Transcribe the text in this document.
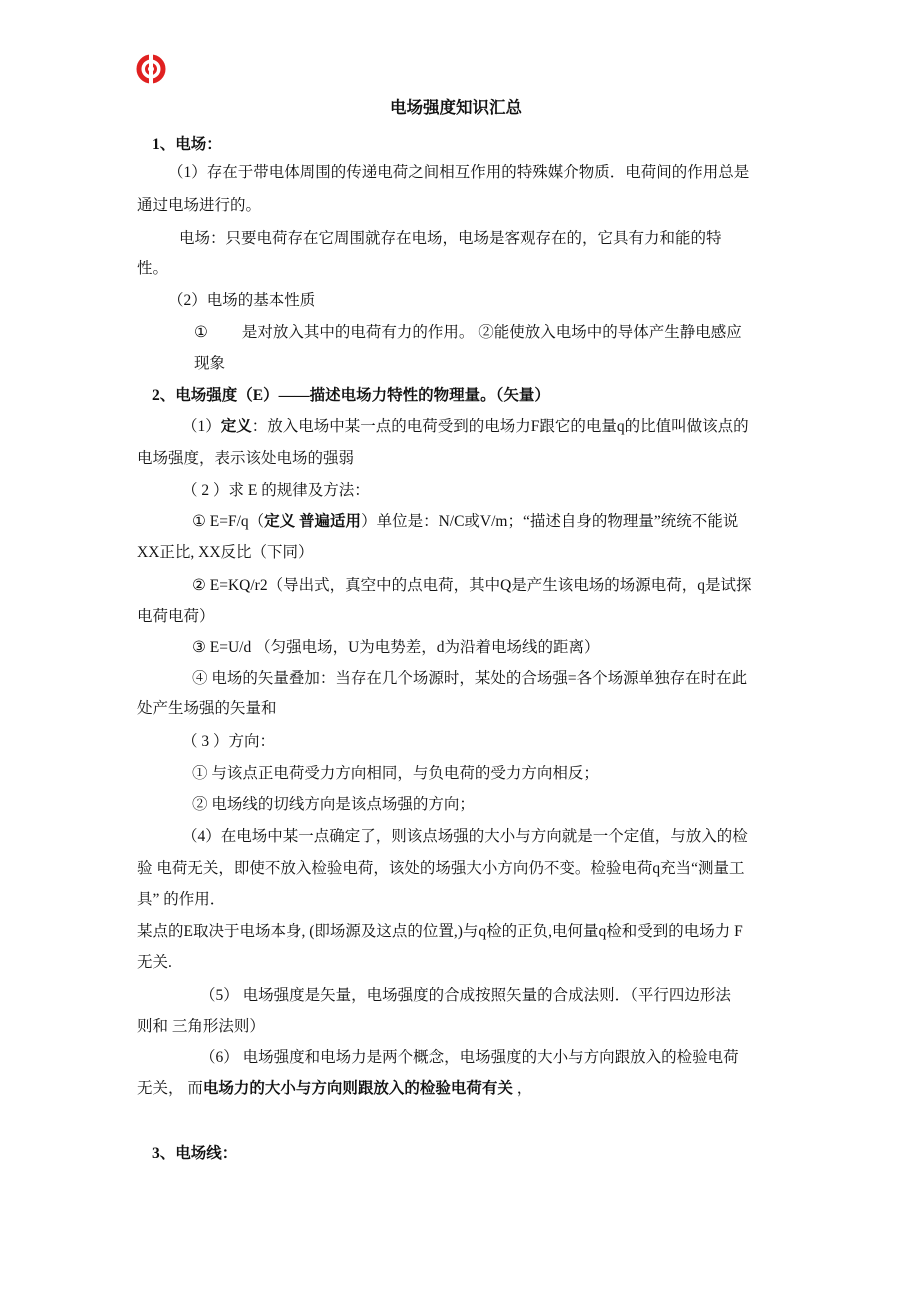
电场强度知识汇总
1、电场：
（1）存在于带电体周围的传递电荷之间相互作用的特殊媒介物质．电荷间的作用总是
通过电场进行的。
电场：只要电荷存在它周围就存在电场，电场是客观存在的，它具有力和能的特
性。
（2）电场的基本性质
① 是对放入其中的电荷有力的作用。 ②能使放入电场中的导体产生静电感应
现象
2、电场强度（E）——描述电场力特性的物理量。（矢量）
（1）定义：放入电场中某一点的电荷受到的电场力F跟它的电量q的比值叫做该点的
电场强度，表示该处电场的强弱
（ 2 ）求 E 的规律及方法：
① E=F/q（定义 普遍适用）单位是：N/C或V/m；“描述自身的物理量”统统不能说
XX正比, XX反比（下同）
② E=KQ/r2（导出式，真空中的点电荷，其中Q是产生该电场的场源电荷，q是试探
电荷电荷）
③ E=U/d （匀强电场，U为电势差，d为沿着电场线的距离）
④ 电场的矢量叠加：当存在几个场源时，某处的合场强=各个场源单独存在时在此
处产生场强的矢量和
（ 3 ）方向：
① 与该点正电荷受力方向相同，与负电荷的受力方向相反；
② 电场线的切线方向是该点场强的方向；
（4）在电场中某一点确定了，则该点场强的大小与方向就是一个定值，与放入的检
验 电荷无关，即使不放入检验电荷，该处的场强大小方向仍不变。检验电荷q充当“测量工
具” 的作用．
某点的E取决于电场本身, (即场源及这点的位置,)与q检的正负,电何量q检和受到的电场力 F
无关.
（5） 电场强度是矢量，电场强度的合成按照矢量的合成法则．（平行四边形法
则和 三角形法则）
（6） 电场强度和电场力是两个概念，电场强度的大小与方向跟放入的检验电荷
无关， 而电场力的大小与方向则跟放入的检验电荷有关 ，
3、电场线：
